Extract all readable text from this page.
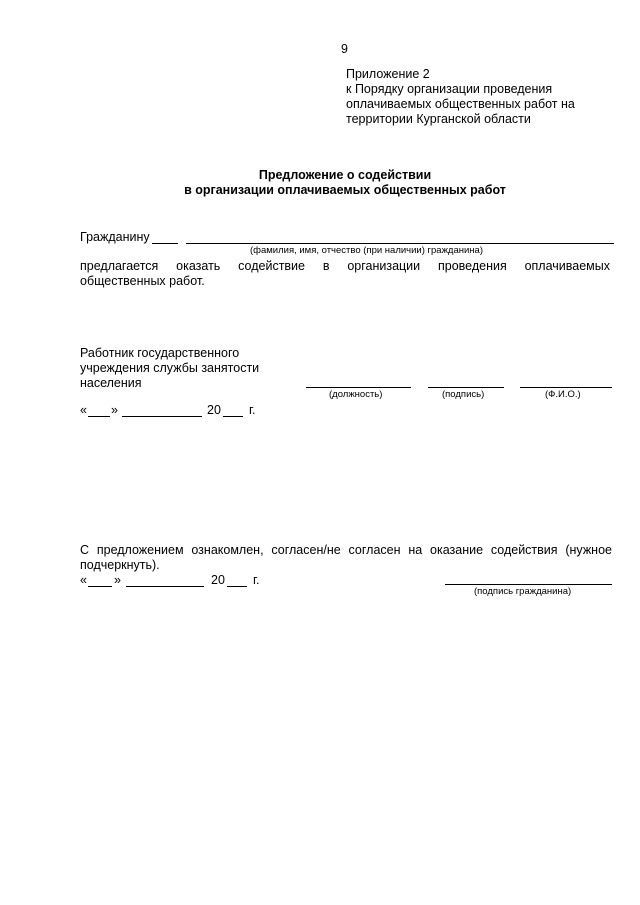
9
Приложение 2
к Порядку организации проведения
оплачиваемых общественных работ на
территории Курганской области
Предложение о содействии
в организации оплачиваемых общественных работ
Гражданину
(фамилия, имя, отчество (при наличии) гражданина)
предлагается оказать содействие в организации проведения оплачиваемых
общественных работ.
Работник государственного
учреждения службы занятости
населения
(должность)	(подпись)	(Ф.И.О.)
« »	20 г.
С предложением ознакомлен, согласен/не согласен на оказание содействия (нужное
подчеркнуть).
« »	20 г.
(подпись гражданина)
